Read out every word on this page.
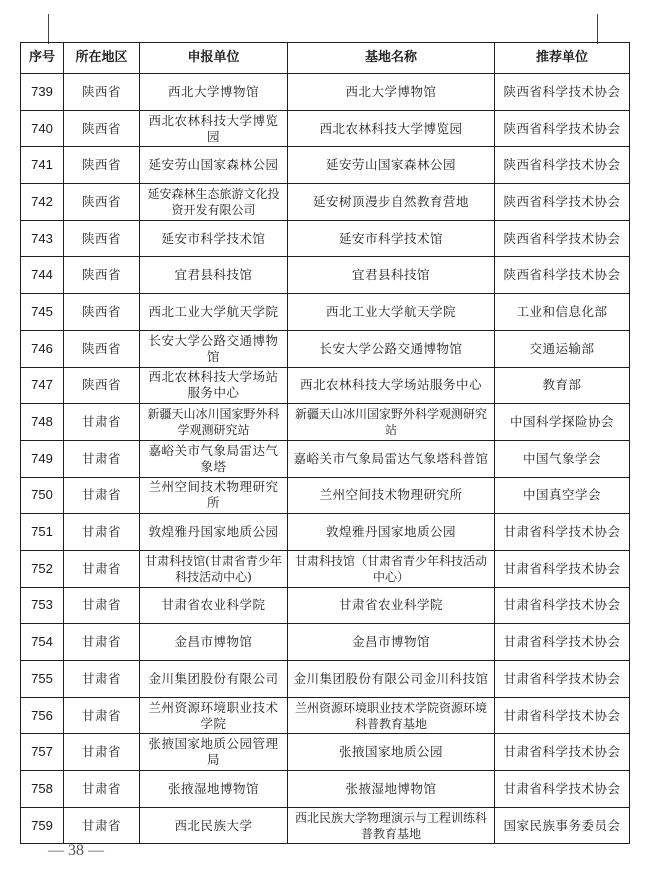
序号	所在地区	申报单位	基地名称	推荐单位
739	陕西省	西北大学博物馆	西北大学博物馆	陕西省科学技术协会
740	陕西省	西北农林科技大学博览园	西北农林科技大学博览园	陕西省科学技术协会
741	陕西省	延安劳山国家森林公园	延安劳山国家森林公园	陕西省科学技术协会
742	陕西省	延安森林生态旅游文化投资开发有限公司	延安树顶漫步自然教育营地	陕西省科学技术协会
743	陕西省	延安市科学技术馆	延安市科学技术馆	陕西省科学技术协会
744	陕西省	宜君县科技馆	宜君县科技馆	陕西省科学技术协会
745	陕西省	西北工业大学航天学院	西北工业大学航天学院	工业和信息化部
746	陕西省	长安大学公路交通博物馆	长安大学公路交通博物馆	交通运输部
747	陕西省	西北农林科技大学场站服务中心	西北农林科技大学场站服务中心	教育部
748	甘肃省	新疆天山冰川国家野外科学观测研究站	新疆天山冰川国家野外科学观测研究站	中国科学探险协会
749	甘肃省	嘉峪关市气象局雷达气象塔	嘉峪关市气象局雷达气象塔科普馆	中国气象学会
750	甘肃省	兰州空间技术物理研究所	兰州空间技术物理研究所	中国真空学会
751	甘肃省	敦煌雅丹国家地质公园	敦煌雅丹国家地质公园	甘肃省科学技术协会
752	甘肃省	甘肃科技馆(甘肃省青少年科技活动中心)	甘肃科技馆（甘肃省青少年科技活动中心）	甘肃省科学技术协会
753	甘肃省	甘肃省农业科学院	甘肃省农业科学院	甘肃省科学技术协会
754	甘肃省	金昌市博物馆	金昌市博物馆	甘肃省科学技术协会
755	甘肃省	金川集团股份有限公司	金川集团股份有限公司金川科技馆	甘肃省科学技术协会
756	甘肃省	兰州资源环境职业技术学院	兰州资源环境职业技术学院资源环境科普教育基地	甘肃省科学技术协会
757	甘肃省	张掖国家地质公园管理局	张掖国家地质公园	甘肃省科学技术协会
758	甘肃省	张掖湿地博物馆	张掖湿地博物馆	甘肃省科学技术协会
759	甘肃省	西北民族大学	西北民族大学物理演示与工程训练科普教育基地	国家民族事务委员会
— 38 —
